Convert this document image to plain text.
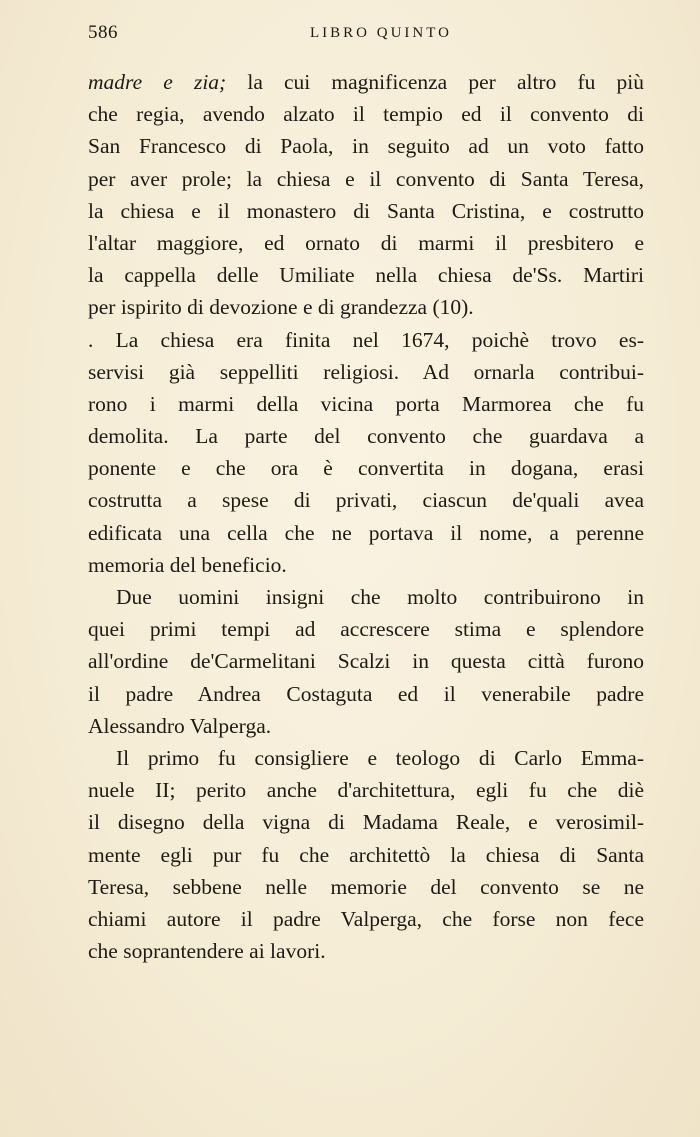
586	LIBRO QUINTO
madre e zia; la cui magnificenza per altro fu più
che regia, avendo alzato il tempio ed il convento di
San Francesco di Paola, in seguito ad un voto fatto
per aver prole; la chiesa e il convento di Santa Teresa,
la chiesa e il monastero di Santa Cristina, e costrutto
l'altar maggiore, ed ornato di marmi il presbitero e
la cappella delle Umiliate nella chiesa de'Ss. Martiri
per ispirito di devozione e di grandezza (10).
. La chiesa era finita nel 1674, poichè trovo es-
servisi già seppelliti religiosi. Ad ornarla contribui-
rono i marmi della vicina porta Marmorea che fu
demolita. La parte del convento che guardava a
ponente e che ora è convertita in dogana, erasi
costrutta a spese di privati, ciascun de'quali avea
edificata una cella che ne portava il nome, a perenne
memoria del beneficio.
Due uomini insigni che molto contribuirono in
quei primi tempi ad accrescere stima e splendore
all'ordine de'Carmelitani Scalzi in questa città furono
il padre Andrea Costaguta ed il venerabile padre
Alessandro Valperga.
Il primo fu consigliere e teologo di Carlo Emma-
nuele II; perito anche d'architettura, egli fu che diè
il disegno della vigna di Madama Reale, e verosimil-
mente egli pur fu che architettò la chiesa di Santa
Teresa, sebbene nelle memorie del convento se ne
chiami autore il padre Valperga, che forse non fece
che soprantendere ai lavori.
